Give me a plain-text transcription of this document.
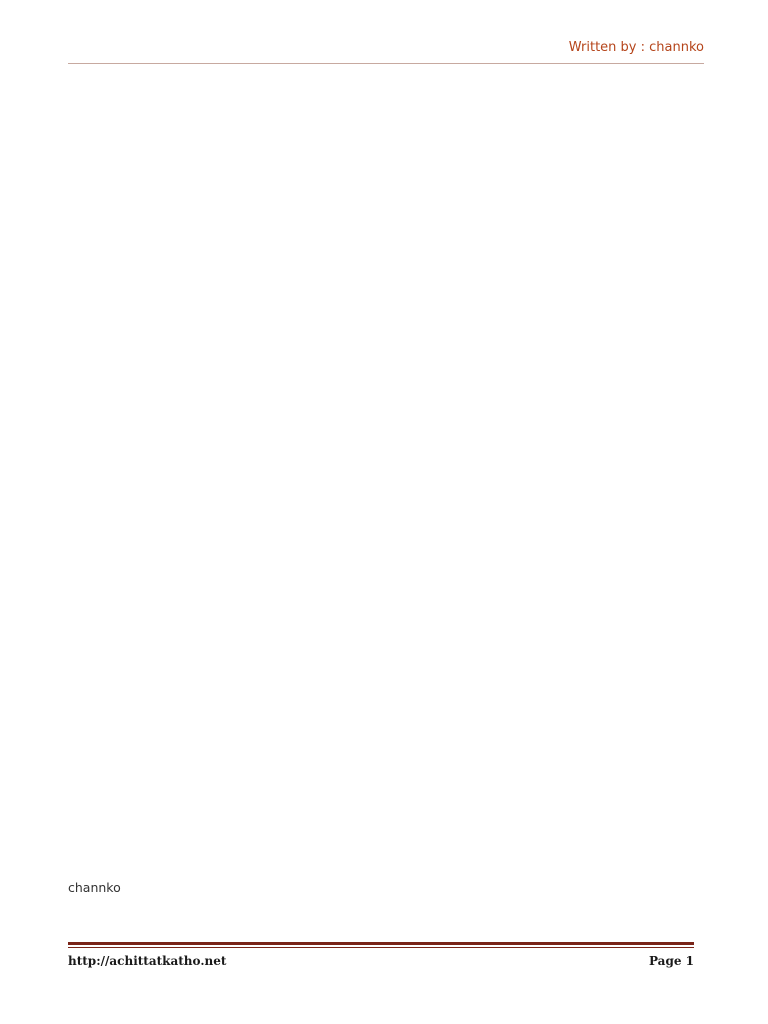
Written by : channko
channko
http://achittatkatho.net	Page 1
